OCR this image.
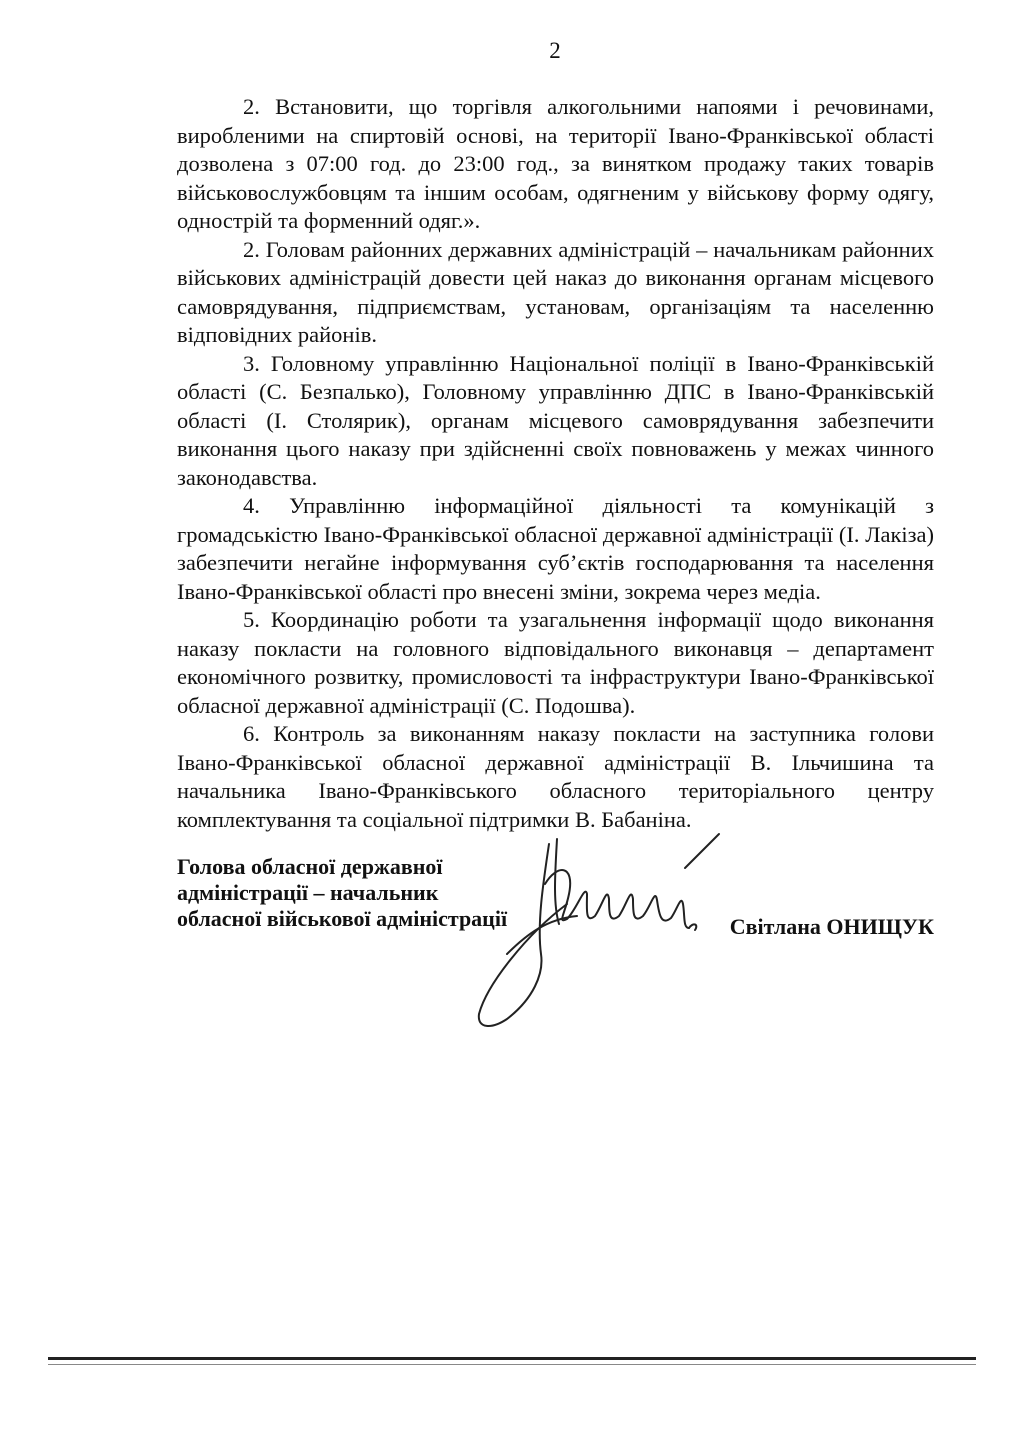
2

2. Встановити, що торгівля алкогольними напоями і речовинами, виробленими на спиртовій основі, на території Івано-Франківської області дозволена з 07:00 год. до 23:00 год., за винятком продажу таких товарів військовослужбовцям та іншим особам, одягненим у військову форму одягу, однострій та форменний одяг.».

2. Головам районних державних адміністрацій – начальникам районних військових адміністрацій довести цей наказ до виконання органам місцевого самоврядування, підприємствам, установам, організаціям та населенню відповідних районів.

3. Головному управлінню Національної поліції в Івано-Франківській області (С. Безпалько), Головному управлінню ДПС в Івано-Франківській області (І. Столярик), органам місцевого самоврядування забезпечити виконання цього наказу при здійсненні своїх повноважень у межах чинного законодавства.

4. Управлінню інформаційної діяльності та комунікацій з громадськістю Івано-Франківської обласної державної адміністрації (І. Лакіза) забезпечити негайне інформування суб’єктів господарювання та населення Івано-Франківської області про внесені зміни, зокрема через медіа.

5. Координацію роботи та узагальнення інформації щодо виконання наказу покласти на головного відповідального виконавця – департамент економічного розвитку, промисловості та інфраструктури Івано-Франківської обласної державної адміністрації (С. Подошва).

6. Контроль за виконанням наказу покласти на заступника голови Івано-Франківської обласної державної адміністрації В. Ільчишина та начальника Івано-Франківського обласного територіального центру комплектування та соціальної підтримки В. Бабаніна.

Голова обласної державної
адміністрації – начальник
обласної військової адміністрації	Світлана ОНИЩУК
